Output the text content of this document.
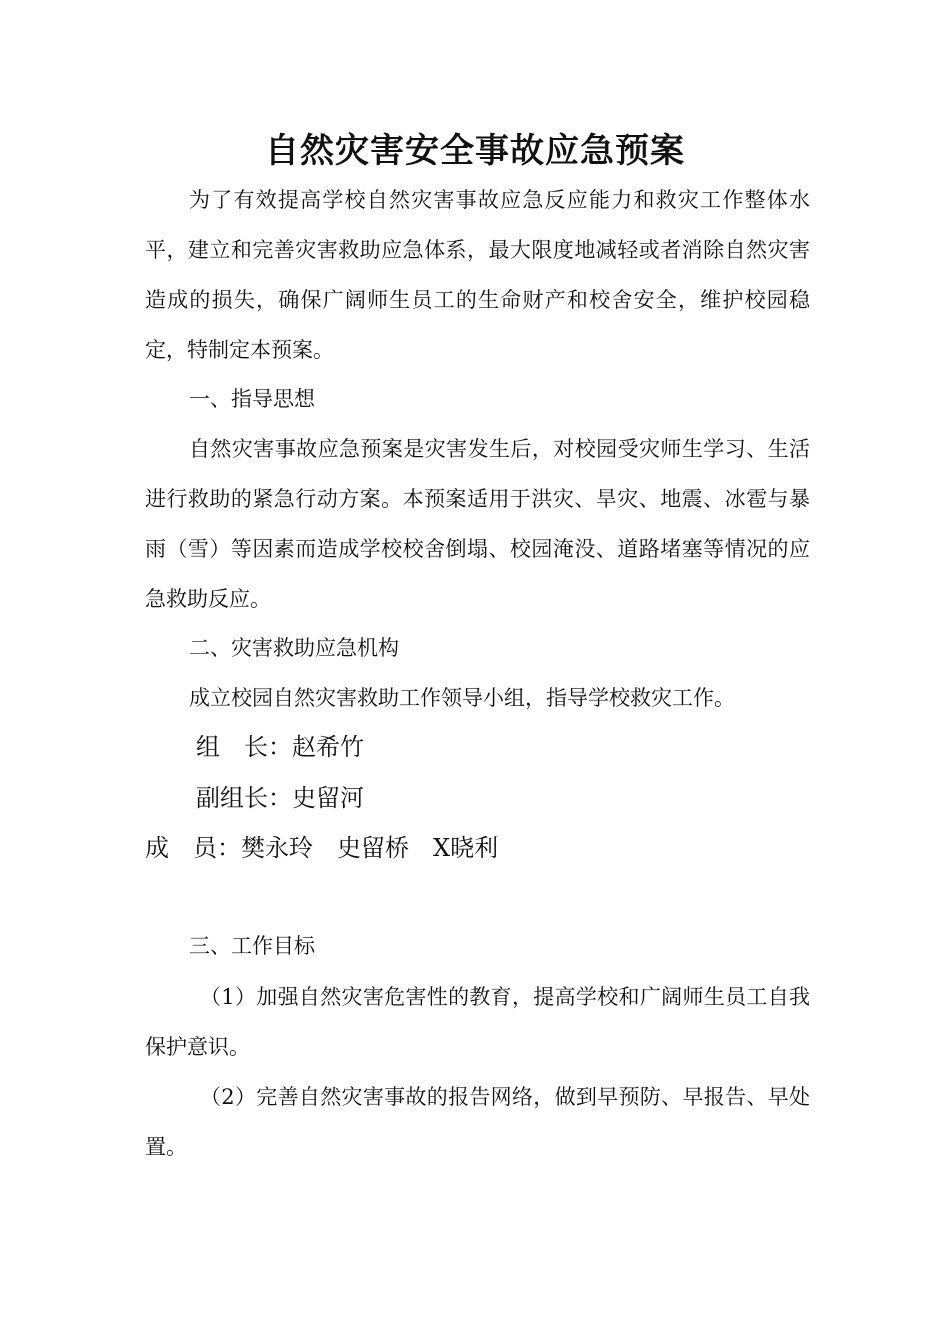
自然灾害安全事故应急预案
为了有效提高学校自然灾害事故应急反应能力和救灾工作整体水平，建立和完善灾害救助应急体系，最大限度地减轻或者消除自然灾害造成的损失，确保广阔师生员工的生命财产和校舍安全，维护校园稳定，特制定本预案。
一、指导思想
自然灾害事故应急预案是灾害发生后，对校园受灾师生学习、生活进行救助的紧急行动方案。本预案适用于洪灾、旱灾、地震、冰雹与暴雨（雪）等因素而造成学校校舍倒塌、校园淹没、道路堵塞等情况的应急救助反应。
二、灾害救助应急机构
成立校园自然灾害救助工作领导小组，指导学校救灾工作。
组　长：赵希竹
副组长：史留河
成　员：樊永玲　史留桥　X晓利
三、工作目标
（1）加强自然灾害危害性的教育，提高学校和广阔师生员工自我保护意识。
（2）完善自然灾害事故的报告网络，做到早预防、早报告、早处置。
